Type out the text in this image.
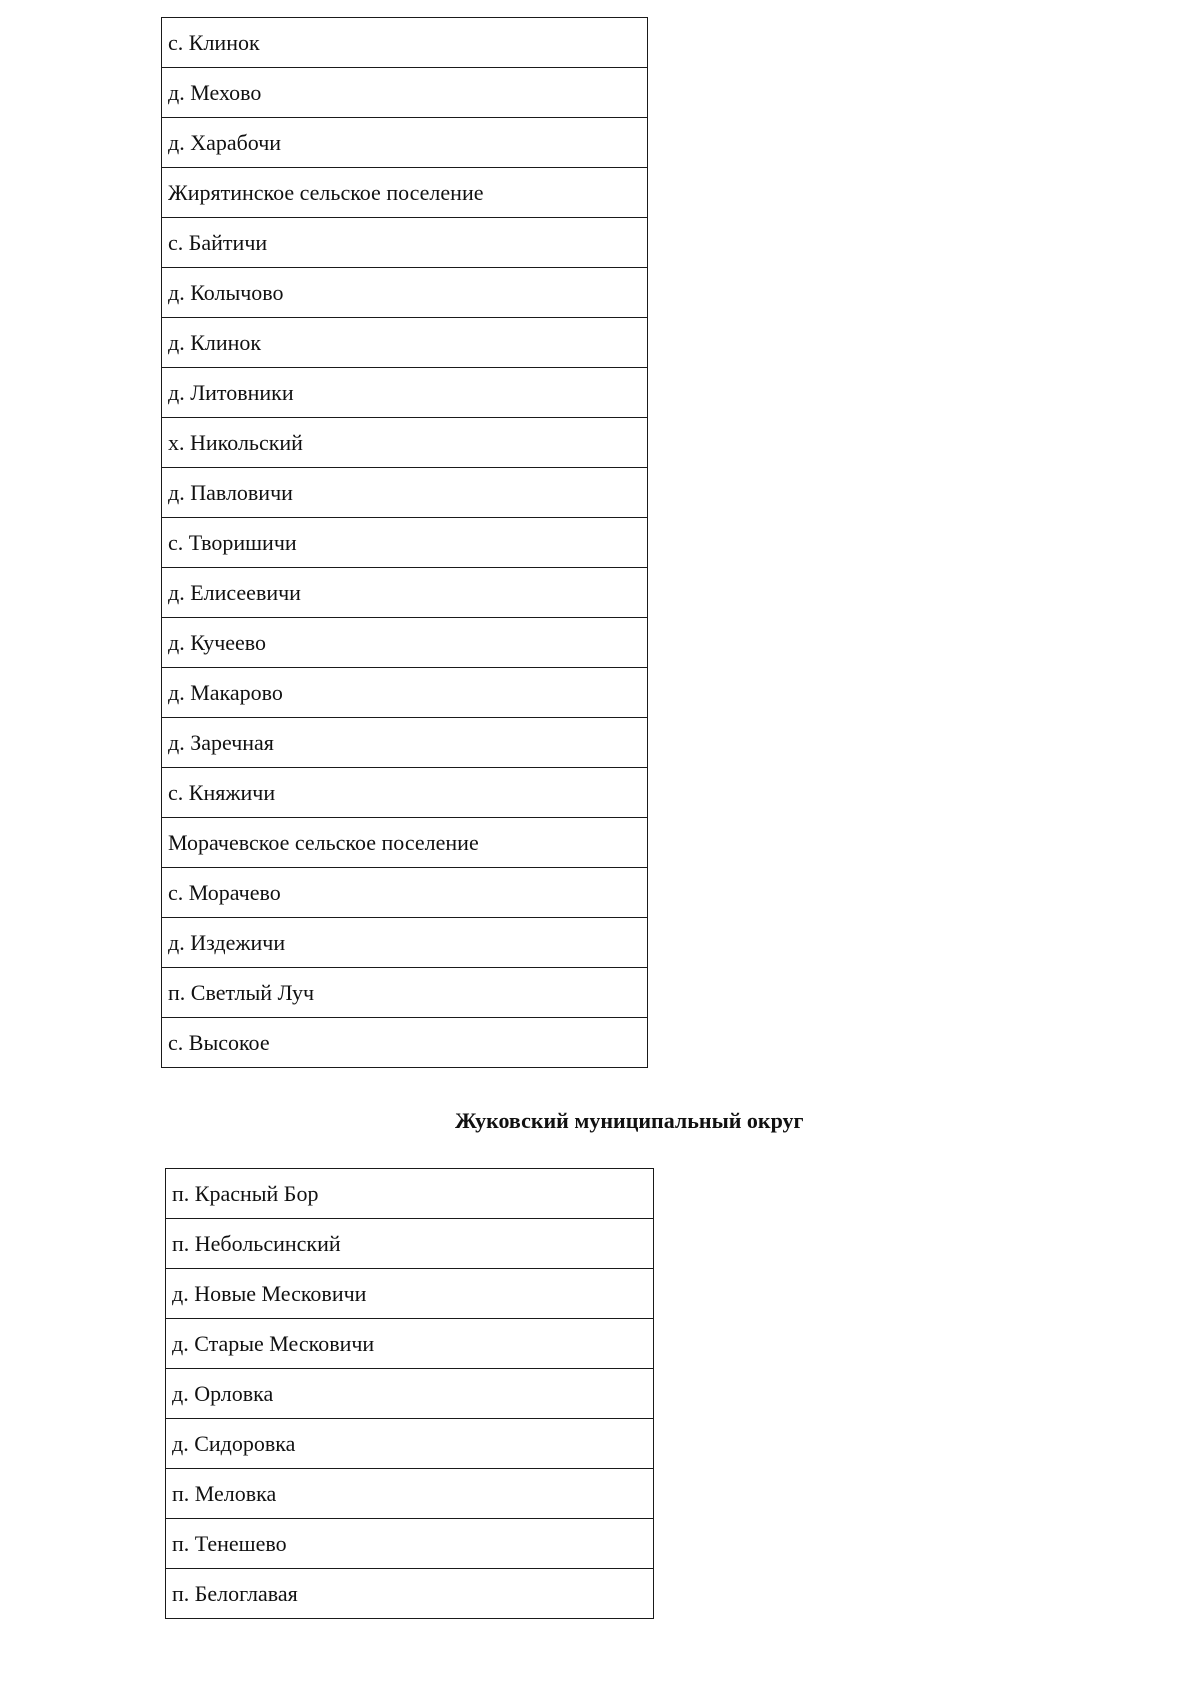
с. Клинок
д. Мехово
д. Харабочи
Жирятинское сельское поселение
с. Байтичи
д. Колычово
д. Клинок
д. Литовники
х. Никольский
д. Павловичи
с. Творишичи
д. Елисеевичи
д. Кучеево
д. Макарово
д. Заречная
с. Княжичи
Морачевское сельское поселение
с. Морачево
д. Издежичи
п. Светлый Луч
с. Высокое
Жуковский муниципальный округ
п. Красный Бор
п. Небольсинский
д. Новые Месковичи
д. Старые Месковичи
д. Орловка
д. Сидоровка
п. Меловка
п. Тенешево
п. Белоглавая
